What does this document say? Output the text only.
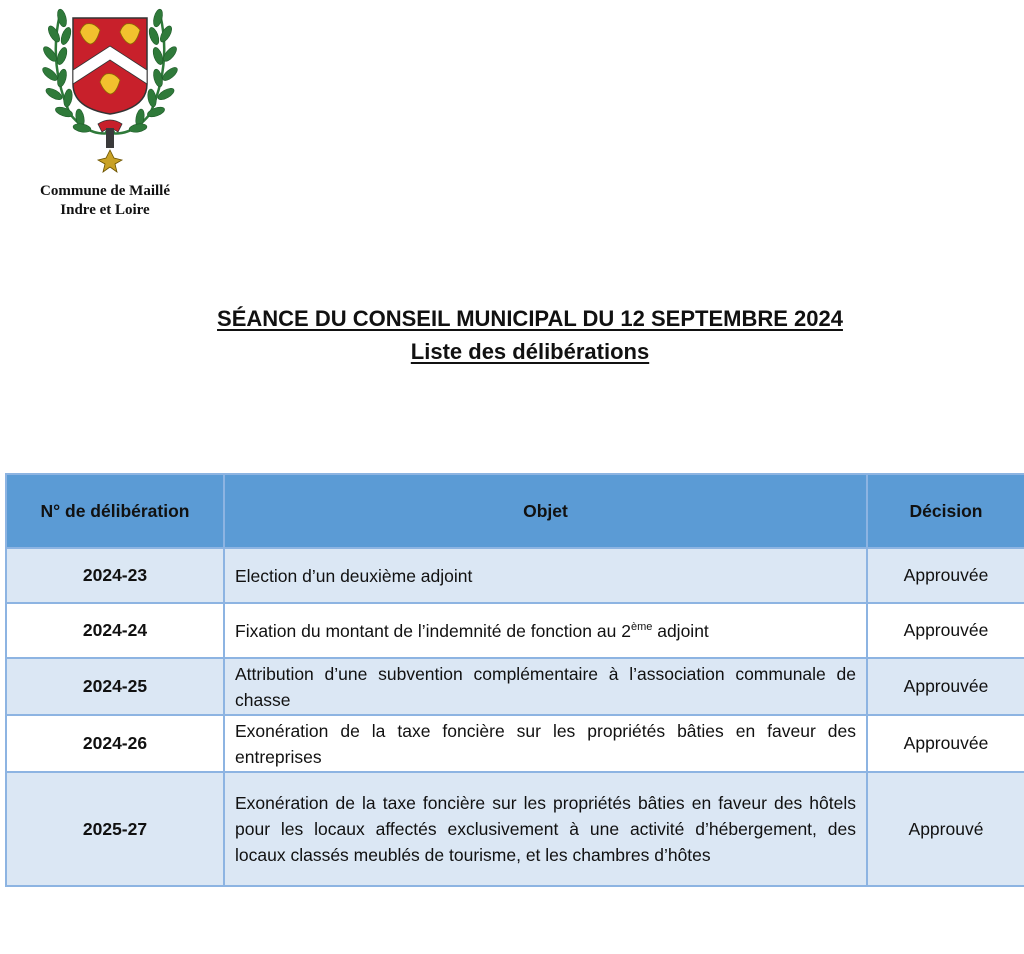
Commune de Maillé
Indre et Loire
SÉANCE DU CONSEIL MUNICIPAL DU 12 SEPTEMBRE 2024
Liste des délibérations
N° de délibération	Objet	Décision
2024-23	Election d’un deuxième adjoint	Approuvée
2024-24	Fixation du montant de l’indemnité de fonction au 2ème adjoint	Approuvée
2024-25	Attribution d’une subvention complémentaire à l’association communale de chasse	Approuvée
2024-26	Exonération de la taxe foncière sur les propriétés bâties en faveur des entreprises	Approuvée
2025-27	Exonération de la taxe foncière sur les propriétés bâties en faveur des hôtels pour les locaux affectés exclusivement à une activité d’hébergement, des locaux classés meublés de tourisme, et les chambres d’hôtes	Approuvé
